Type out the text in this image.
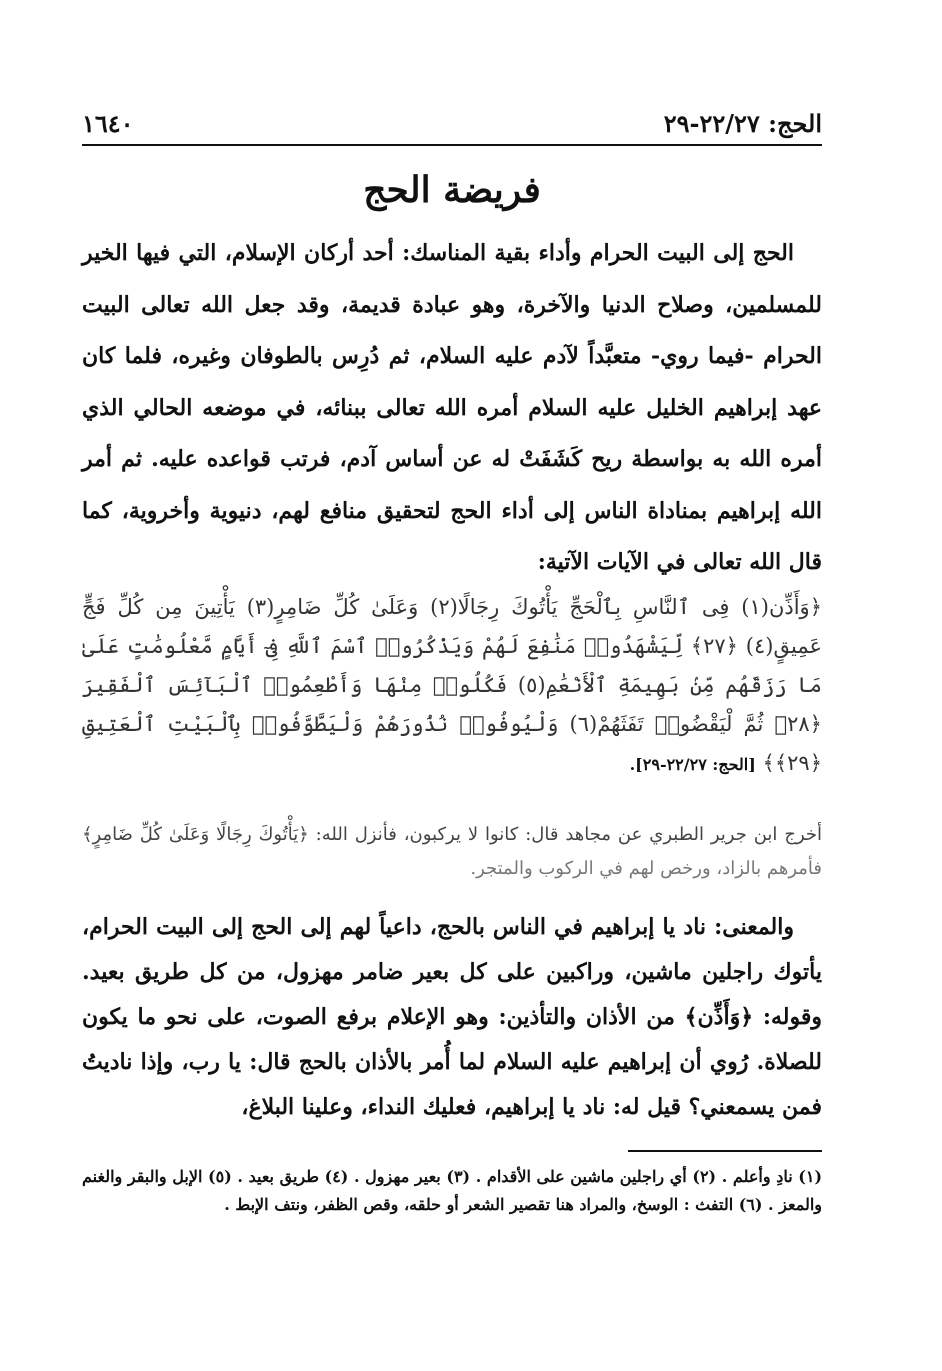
الحج: ٢٢/٢٧-٢٩
١٦٤٠
فريضة الحج

الحج إلى البيت الحرام وأداء بقية المناسك: أحد أركان الإسلام، التي فيها الخير للمسلمين، وصلاح الدنيا والآخرة، وهو عبادة قديمة، وقد جعل الله تعالى البيت الحرام -فيما روي- متعبَّداً لآدم عليه السلام، ثم دُرِس بالطوفان وغيره، فلما كان عهد إبراهيم الخليل عليه السلام أمره الله تعالى ببنائه، في موضعه الحالي الذي أمره الله به بواسطة ريح كَشَفَتْ له عن أساس آدم، فرتب قواعده عليه. ثم أمر الله إبراهيم بمناداة الناس إلى أداء الحج لتحقيق منافع لهم، دنيوية وأخروية، كما قال الله تعالى في الآيات الآتية:

﴿وَأَذِّن(١) فِى ٱلنَّاسِ بِٱلْحَجِّ يَأْتُوكَ رِجَالًا(٢) وَعَلَىٰ كُلِّ ضَامِرٍ(٣) يَأْتِينَ مِن كُلِّ فَجٍّ عَمِيقٍ(٤) ﴿٢٧﴾ لِّيَشْهَدُوا۟ مَنَٰفِعَ لَهُمْ وَيَذْكُرُوا۟ ٱسْمَ ٱللَّهِ فِىٓ أَيَّامٍ مَّعْلُومَٰتٍ عَلَىٰ مَا رَزَقَهُم مِّنۢ بَهِيمَةِ ٱلْأَنْعَٰمِ(٥) فَكُلُوا۟ مِنْهَا وَأَطْعِمُوا۟ ٱلْبَآئِسَ ٱلْفَقِيرَ ﴿٢٨﴾ ثُمَّ لْيَقْضُوا۟ تَفَثَهُمْ(٦) وَلْيُوفُوا۟ نُذُورَهُمْ وَلْيَطَّوَّفُوا۟ بِٱلْبَيْتِ ٱلْعَتِيقِ ﴿٢٩﴾﴾ [الحج: ٢٢/٢٧-٢٩].

أخرج ابن جرير الطبري عن مجاهد قال: كانوا لا يركبون، فأنزل الله: ﴿يَأْتُوكَ رِجَالًا وَعَلَىٰ كُلِّ ضَامِرٍ﴾ فأمرهم بالزاد، ورخص لهم في الركوب والمتجر.

والمعنى: ناد يا إبراهيم في الناس بالحج، داعياً لهم إلى الحج إلى البيت الحرام، يأتوك راجلين ماشين، وراكبين على كل بعير ضامر مهزول، من كل طريق بعيد. وقوله: ﴿وَأَذِّن﴾ من الأذان والتأذين: وهو الإعلام برفع الصوت، على نحو ما يكون للصلاة. رُوي أن إبراهيم عليه السلام لما أُمر بالأذان بالحج قال: يا رب، وإذا ناديتُ فمن يسمعني؟ قيل له: ناد يا إبراهيم، فعليك النداء، وعلينا البلاغ،

(١) نادِ وأعلم . (٢) أي راجلين ماشين على الأقدام . (٣) بعير مهزول . (٤) طريق بعيد . (٥) الإبل والبقر والغنم والمعز . (٦) التفث : الوسخ، والمراد هنا تقصير الشعر أو حلقه، وقص الظفر، ونتف الإبط .
